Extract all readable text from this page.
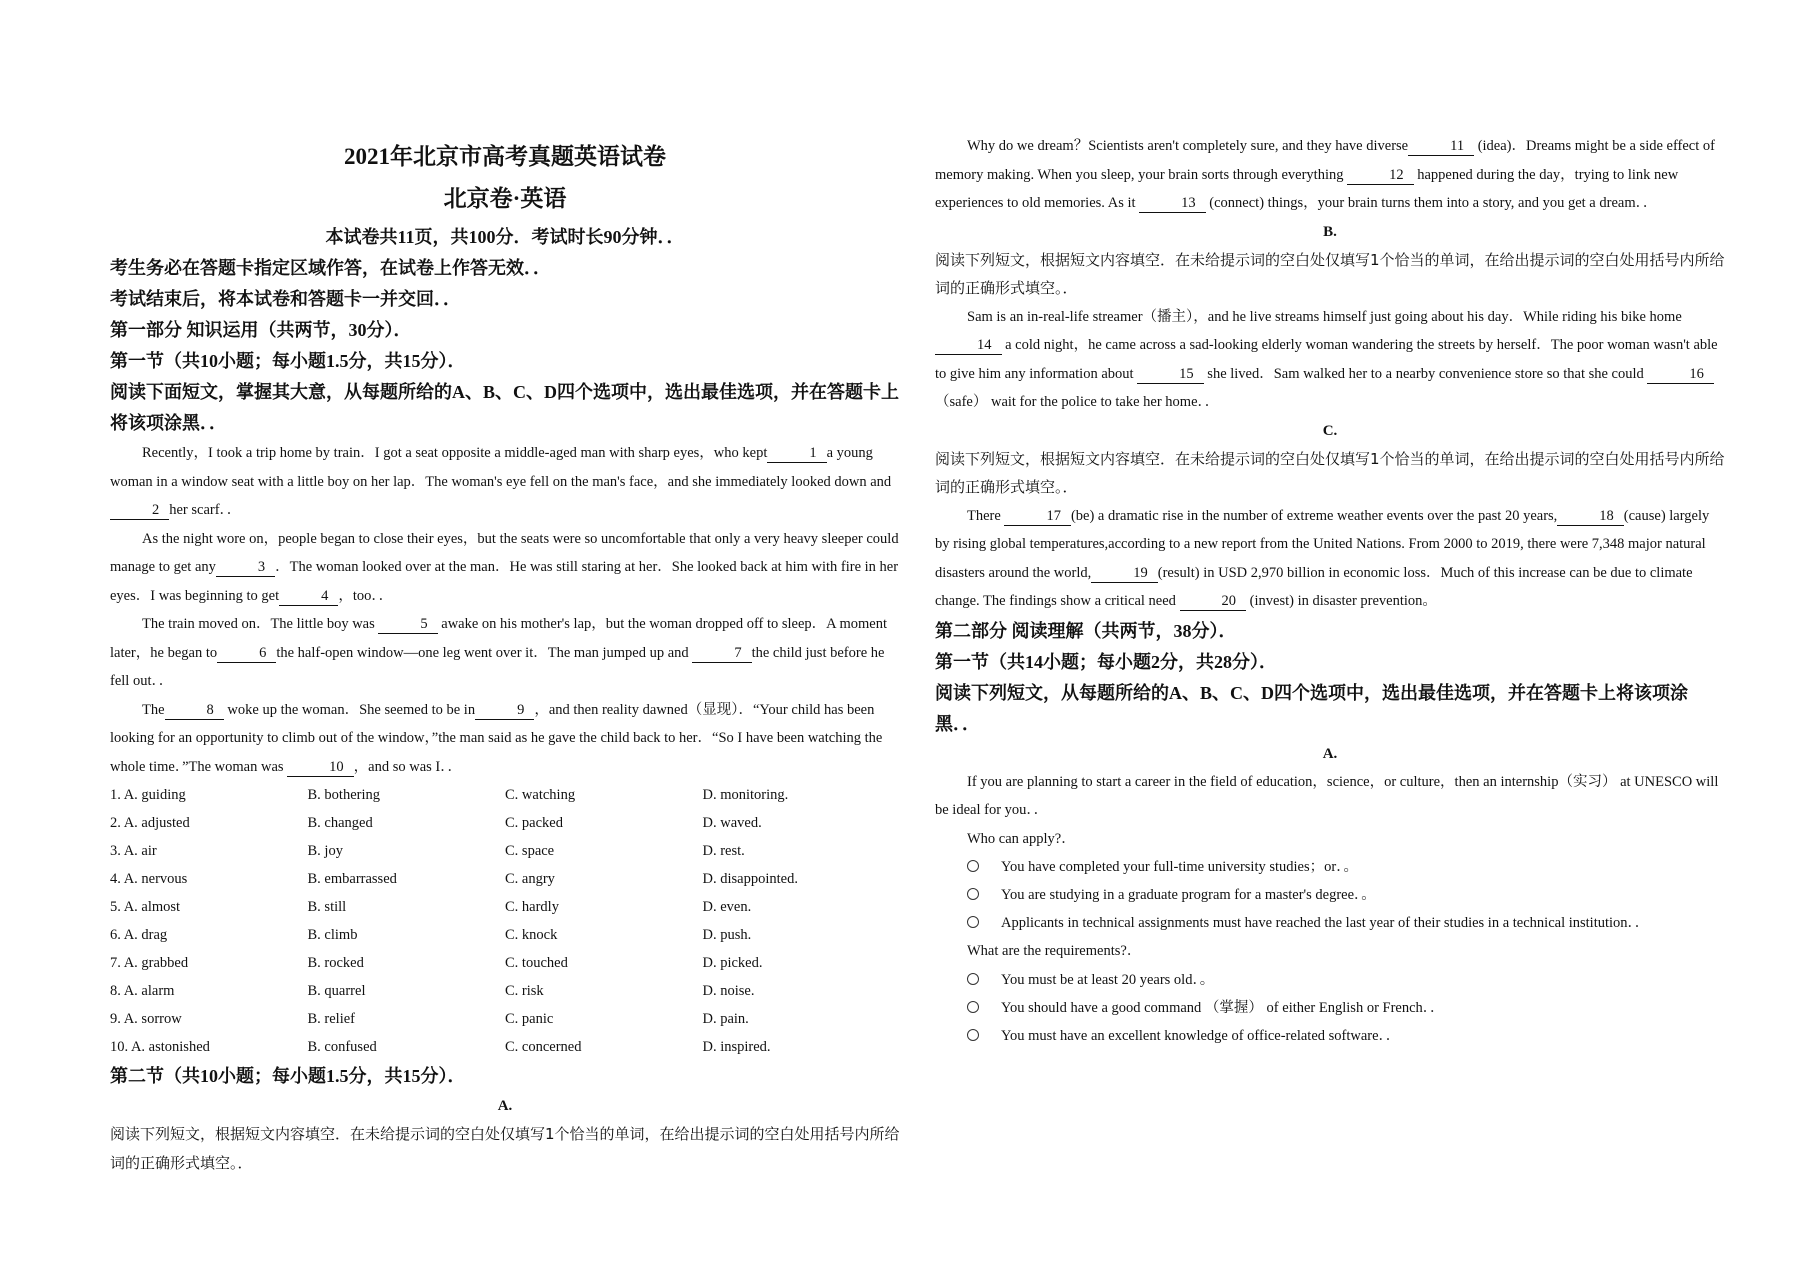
2021年北京市高考真题英语试卷
北京卷·英语
本试卷共11页，共100分．考试时长90分钟．．
考生务必在答题卡指定区域作答，在试卷上作答无效．．
考试结束后，将本试卷和答题卡一并交回．．
第一部分 知识运用（共两节，30分）．
第一节（共10小题；每小题1.5分，共15分）．
阅读下面短文，掌握其大意，从每题所给的A、B、C、D四个选项中，选出最佳选项，并在答题卡上将该项涂黑．．
Recently，I took a trip home by train．I got a seat opposite a middle-aged man with sharp eyes，who kept	1 a young woman in a window seat with a little boy on her lap．The woman's eye fell on the man's face，and she immediately looked down and2 her scarf．．
As the night wore on，people began to close their eyes，but the seats were so uncomfortable that only a very heavy sleeper could manage to get any	3 ．The woman looked over at the man．He was still staring at her．She looked back at him with fire in her eyes．I was beginning to get	4 ，too．．
The train moved on．The little boy was	5 awake on his mother's lap，but the woman dropped off to sleep．A moment later，he began to	6 the half-open window—one leg went over it．The man jumped up and	7 the child just before he fell out．．
The	8 woke up the woman．She seemed to be in	9 ，and then reality dawned（显现）．“Your child has been looking for an opportunity to climb out of the window，”the man said as he gave the child back to her．“So I have been watching the whole time．”The woman was	10 ，and so was I．．
1. A. guiding	B. bothering	C. watching	D. monitoring.
2. A. adjusted	B. changed	C. packed	D. waved.
3. A. air	B. joy	C. space	D. rest.
4. A. nervous	B. embarrassed	C. angry	D. disappointed.
5. A. almost	B. still	C. hardly	D. even.
6. A. drag	B. climb	C. knock	D. push.
7. A. grabbed	B. rocked	C. touched	D. picked.
8. A. alarm	B. quarrel	C. risk	D. noise.
9. A. sorrow	B. relief	C. panic	D. pain.
10. A. astonished	B. confused	C. concerned	D. inspired.
第二节（共10小题；每小题1.5分，共15分）．
A.
阅读下列短文，根据短文内容填空．在未给提示词的空白处仅填写1个恰当的单词，在给出提示词的空白处用括号内所给词的正确形式填空。．
Why do we dream？Scientists aren't completely sure, and they have diverse	11 (idea)．Dreams might be a side effect of memory making. When you sleep, your brain sorts through everything	12 happened during the day，trying to link new experiences to old memories. As it	13 (connect) things，your brain turns them into a story, and you get a dream．．
B.
阅读下列短文，根据短文内容填空．在未给提示词的空白处仅填写1个恰当的单词，在给出提示词的空白处用括号内所给词的正确形式填空。．
Sam is an in-real-life streamer（播主），and he live streams himself just going about his day．While riding his bike home 14 a cold night，he came across a sad-looking elderly woman wandering the streets by herself．The poor woman wasn't able to give him any information about	15 she lived．Sam walked her to a nearby convenience store so that she could	16 （safe） wait for the police to take her home．．
C.
阅读下列短文，根据短文内容填空．在未给提示词的空白处仅填写1个恰当的单词，在给出提示词的空白处用括号内所给词的正确形式填空。．
There	17 (be) a dramatic rise in the number of extreme weather events over the past 20 years,	18 (cause) largely by rising global temperatures,according to a new report from the United Nations. From 2000 to 2019, there were 7,348 major natural disasters around the world,	19 (result) in USD 2,970 billion in economic loss．Much of this increase can be due to climate change. The findings show a critical need	20 (invest) in disaster prevention。
第二部分 阅读理解（共两节，38分）．
第一节（共14小题；每小题2分，共28分）．
阅读下列短文，从每题所给的A、B、C、D四个选项中，选出最佳选项，并在答题卡上将该项涂黑．．
A.
If you are planning to start a career in the field of education，science，or culture，then an internship（实习） at UNESCO will be ideal for you．．
Who can apply?．
You have completed your full-time university studies；or．。
You are studying in a graduate program for a master's degree．。
Applicants in technical assignments must have reached the last year of their studies in a technical institution．．
What are the requirements?．
You must be at least 20 years old．。
You should have a good command （掌握） of either English or French．．
You must have an excellent knowledge of office-related software．．
